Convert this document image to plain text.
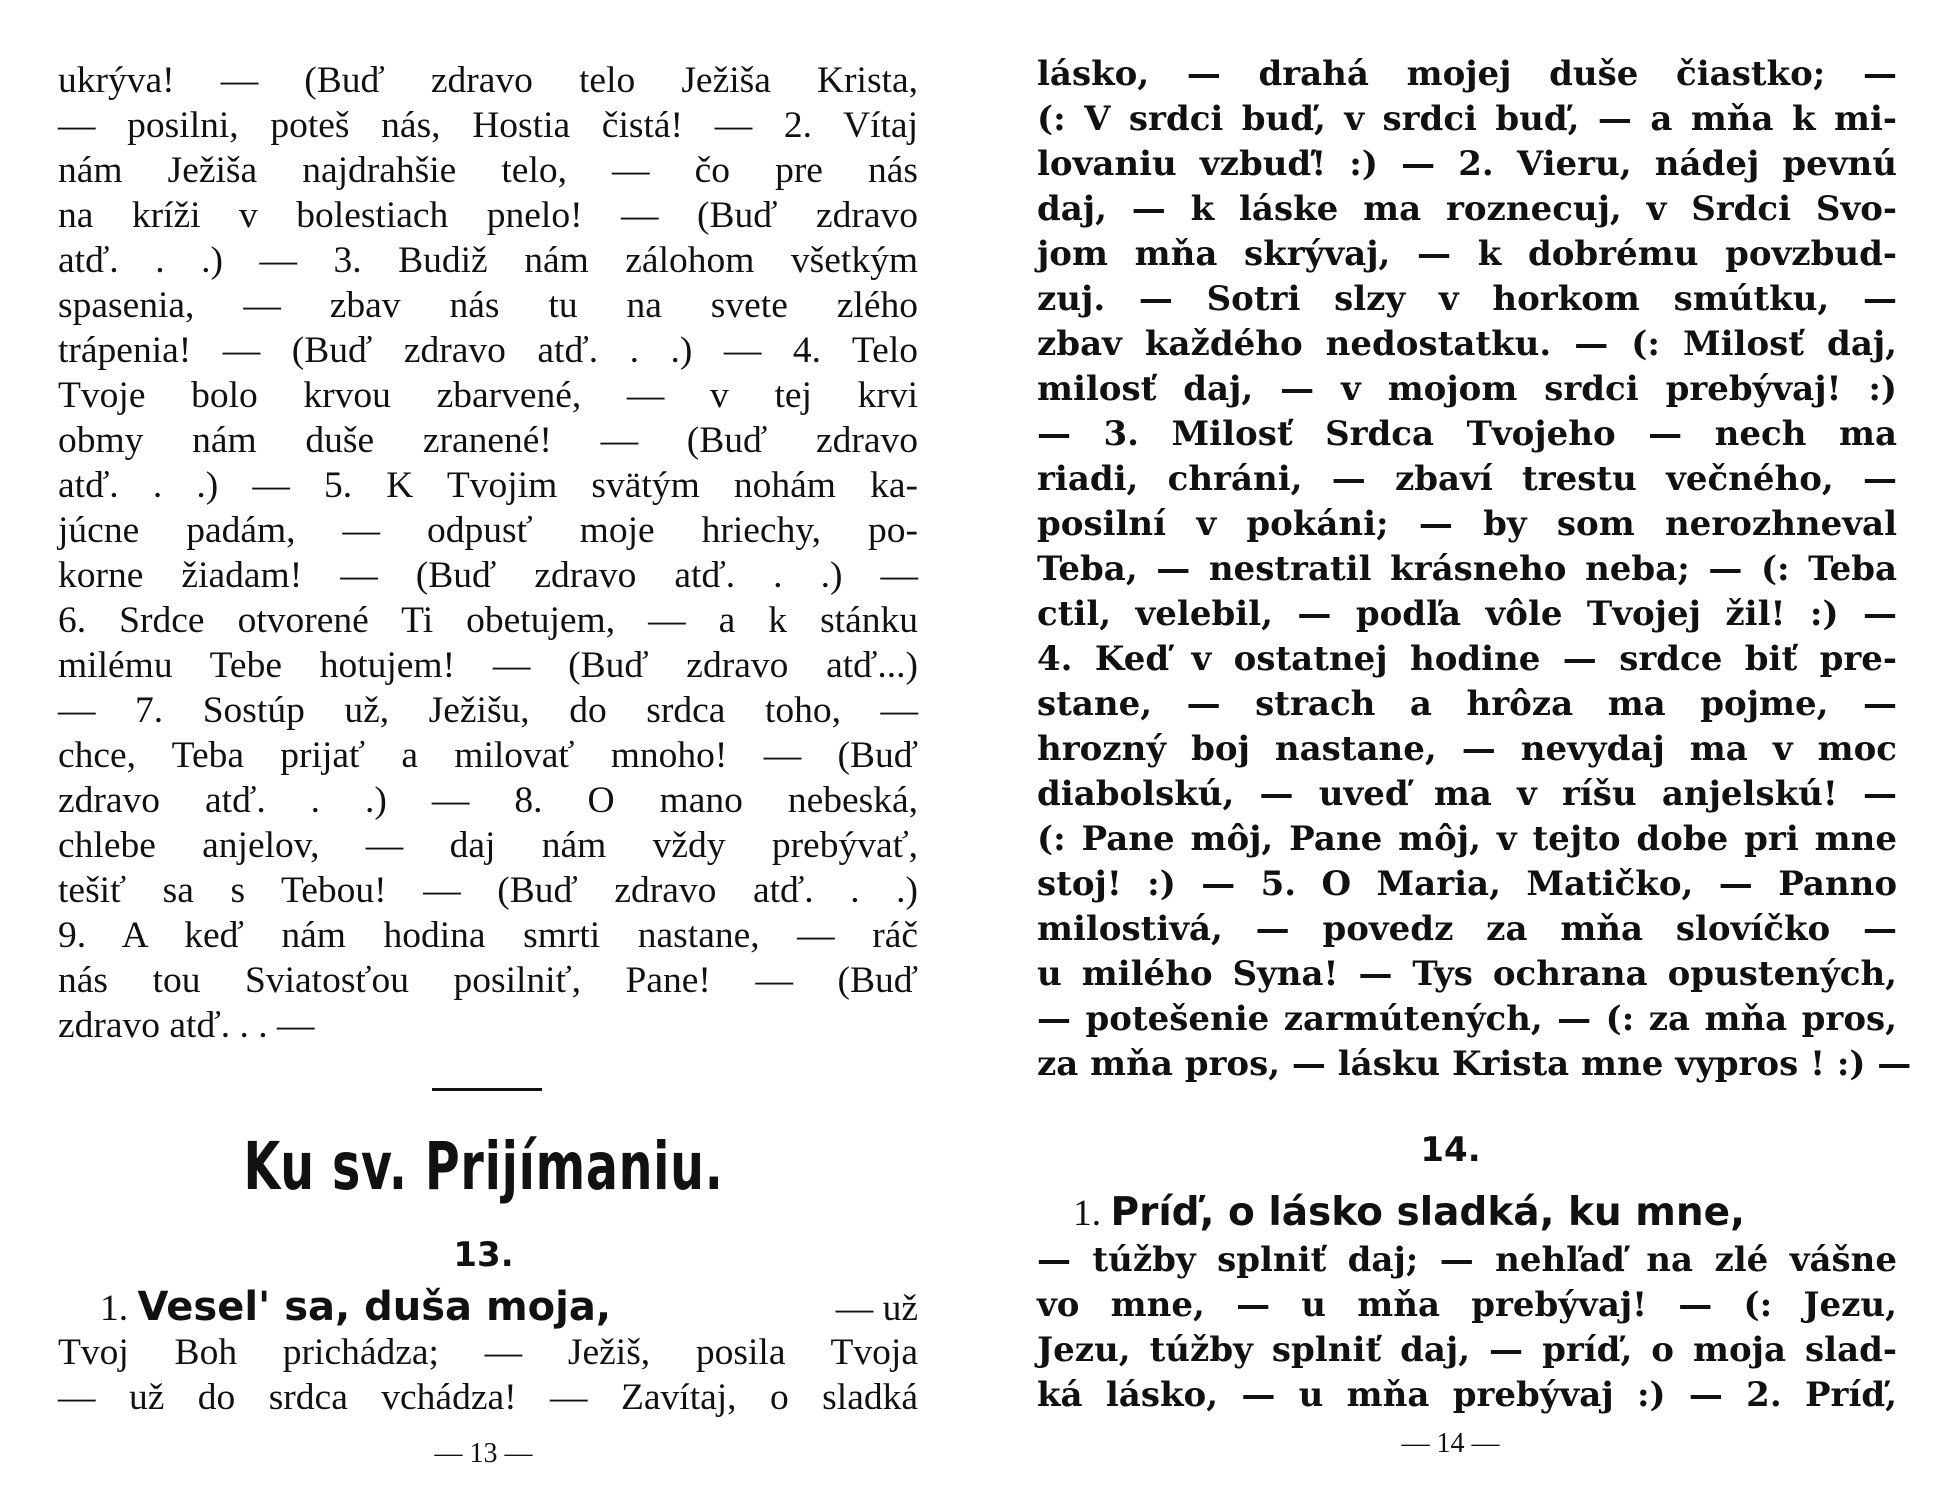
ukrýva! — (Buď zdravo telo Ježiša Krista,
— posilni, poteš nás, Hostia čistá! — 2. Vítaj
nám Ježiša najdrahšie telo, — čo pre nás
na kríži v bolestiach pnelo! — (Buď zdravo
atď. . .) — 3. Budiž nám zálohom všetkým
spasenia, — zbav nás tu na svete zlého
trápenia! — (Buď zdravo atď. . .) — 4. Telo
Tvoje bolo krvou zbarvené, — v tej krvi
obmy nám duše zranené! — (Buď zdravo
atď. . .) — 5. K Tvojim svätým nohám ka-
júcne padám, — odpusť moje hriechy, po-
korne žiadam! — (Buď zdravo atď. . .) —
6. Srdce otvorené Ti obetujem, — a k stánku
milému Tebe hotujem! — (Buď zdravo atď...)
— 7. Sostúp už, Ježišu, do srdca toho, —
chce, Teba prijať a milovať mnoho! — (Buď
zdravo atď. . .) — 8. O mano nebeská,
chlebe anjelov, — daj nám vždy prebývať,
tešiť sa s Tebou! — (Buď zdravo atď. . .)
9. A keď nám hodina smrti nastane, — ráč
nás tou Sviatosťou posilniť, Pane! — (Buď
zdravo atď. . . —
Ku sv. Prijímaniu.
13.
1. Vesel' sa, duša moja,	— už
Tvoj Boh prichádza; — Ježiš, posila Tvoja
— už do srdca vchádza! — Zavítaj, o sladká
— 13 —
lásko, — drahá mojej duše čiastko; —
(: V srdci buď, v srdci buď, — a mňa k mi-
lovaniu vzbuď! :) — 2. Vieru, nádej pevnú
daj, — k láske ma roznecuj, v Srdci Svo-
jom mňa skrývaj, — k dobrému povzbud-
zuj. — Sotri slzy v horkom smútku, —
zbav každého nedostatku. — (: Milosť daj,
milosť daj, — v mojom srdci prebývaj! :)
— 3. Milosť Srdca Tvojeho — nech ma
riadi, chráni, — zbaví trestu večného, —
posilní v pokáni; — by som nerozhneval
Teba, — nestratil krásneho neba; — (: Teba
ctil, velebil, — podľa vôle Tvojej žil! :) —
4. Keď v ostatnej hodine — srdce biť pre-
stane, — strach a hrôza ma pojme, —
hrozný boj nastane, — nevydaj ma v moc
diabolskú, — uveď ma v ríšu anjelskú! —
(: Pane môj, Pane môj, v tejto dobe pri mne
stoj! :) — 5. O Maria, Matičko, — Panno
milostivá, — povedz za mňa slovíčko —
u milého Syna! — Tys ochrana opustených,
— potešenie zarmútených, — (: za mňa pros,
za mňa pros, — lásku Krista mne vypros ! :) —
14.
1. Príď, o lásko sladká, ku mne,
— túžby splniť daj; — nehľaď na zlé vášne
vo mne, — u mňa prebývaj! — (: Jezu,
Jezu, túžby splniť daj, — príď, o moja slad-
ká lásko, — u mňa prebývaj :) — 2. Príď,
— 14 —
